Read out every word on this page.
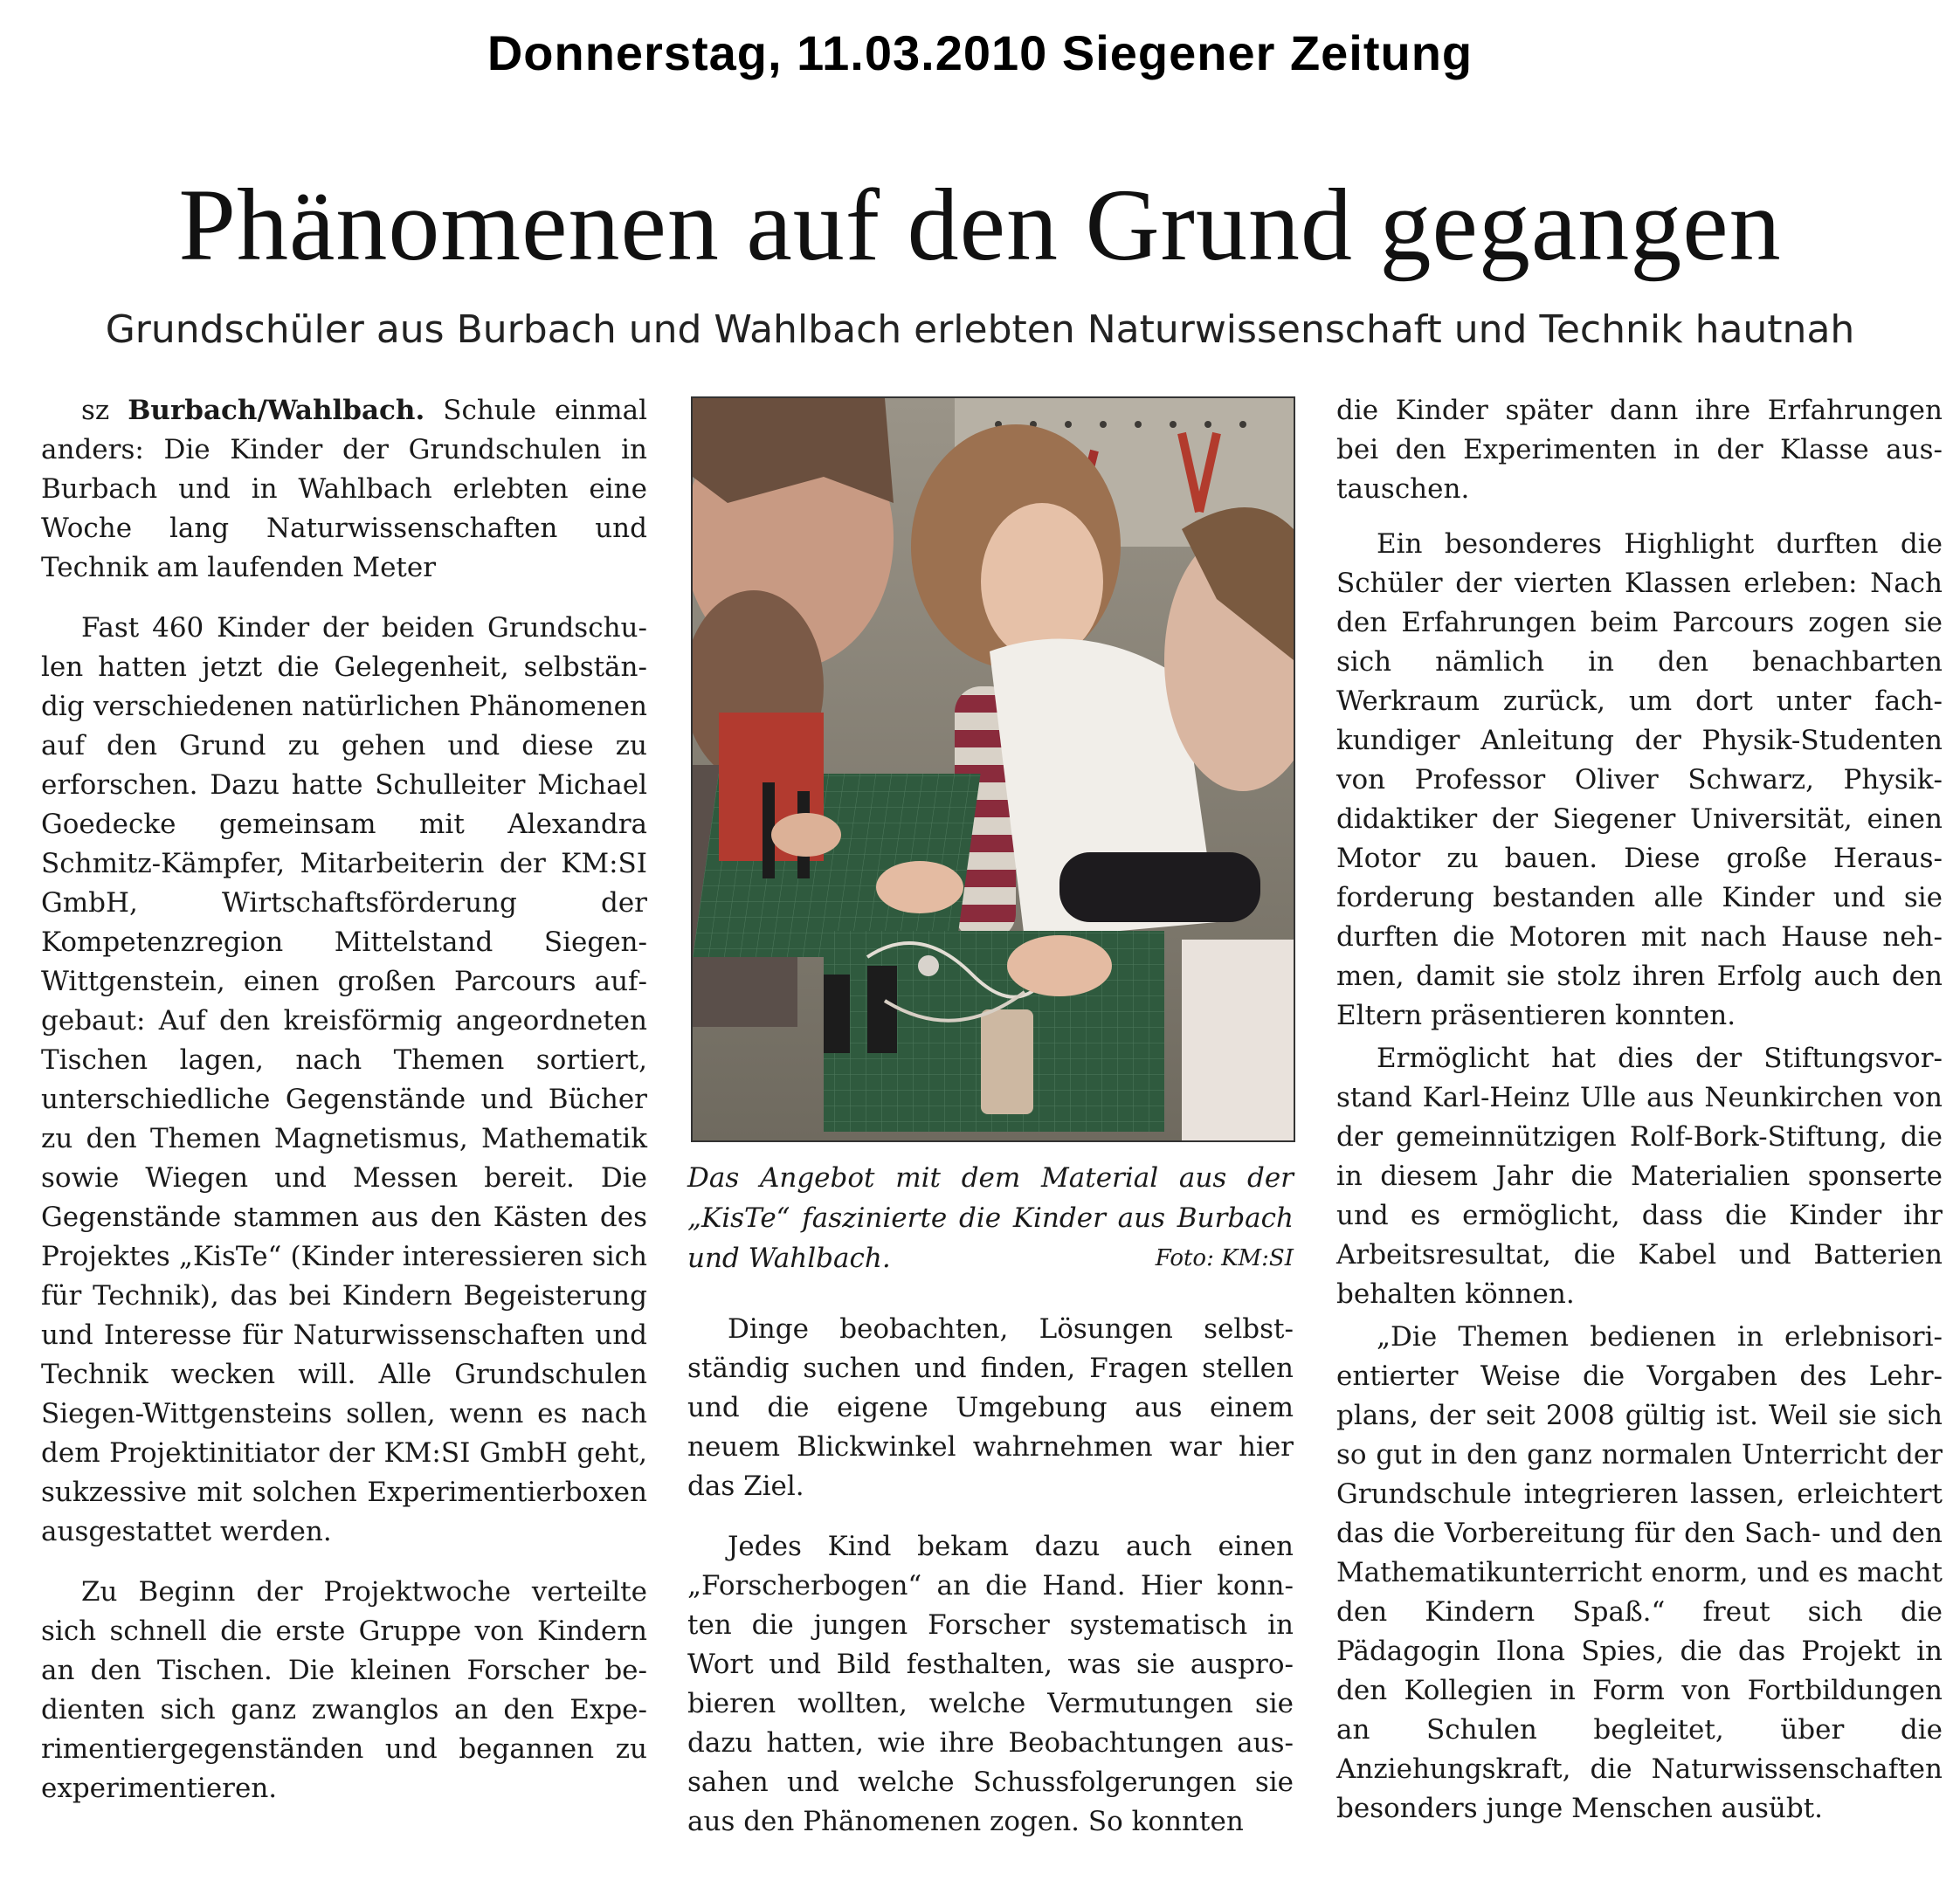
Donnerstag, 11.03.2010 Siegener Zeitung
Phänomenen auf den Grund gegangen
Grundschüler aus Burbach und Wahlbach erlebten Naturwissenschaft und Technik hautnah

sz Burbach/Wahlbach. Schule einmal anders: Die Kinder der Grundschulen in Burbach und in Wahlbach erlebten eine Woche lang Naturwissenschaften und Technik am laufenden Meter

Fast 460 Kinder der beiden Grundschulen hatten jetzt die Gelegenheit, selbständig verschiedenen natürlichen Phänomenen auf den Grund zu gehen und diese zu erforschen. Dazu hatte Schulleiter Michael Goedecke gemeinsam mit Alexandra Schmitz-Kämpfer, Mitarbeiterin der KM:SI GmbH, Wirtschaftsförderung der Kompetenzregion Mittelstand Siegen-Wittgenstein, einen großen Parcours aufgebaut: Auf den kreisförmig angeordneten Tischen lagen, nach Themen sortiert, unterschiedliche Gegenstände und Bücher zu den Themen Magnetismus, Mathematik sowie Wiegen und Messen bereit. Die Gegenstände stammen aus den Kästen des Projektes „KisTe“ (Kinder interessieren sich für Technik), das bei Kindern Begeisterung und Interesse für Naturwissenschaften und Technik wecken will. Alle Grundschulen Siegen-Wittgensteins sollen, wenn es nach dem Projektinitiator der KM:SI GmbH geht, sukzessive mit solchen Experimentierboxen ausgestattet werden.

Zu Beginn der Projektwoche verteilte sich schnell die erste Gruppe von Kindern an den Tischen. Die kleinen Forscher bedienten sich ganz zwanglos an den Experimentiergegenständen und begannen zu experimentieren.

Das Angebot mit dem Material aus der „KisTe“ faszinierte die Kinder aus Burbach und Wahlbach.	Foto: KM:SI

Dinge beobachten, Lösungen selbstständig suchen und finden, Fragen stellen und die eigene Umgebung aus einem neuem Blickwinkel wahrnehmen war hier das Ziel.

Jedes Kind bekam dazu auch einen „Forscherbogen“ an die Hand. Hier konnten die jungen Forscher systematisch in Wort und Bild festhalten, was sie ausprobieren wollten, welche Vermutungen sie dazu hatten, wie ihre Beobachtungen aussahen und welche Schussfolgerungen sie aus den Phänomenen zogen. So konnten

die Kinder später dann ihre Erfahrungen bei den Experimenten in der Klasse austauschen.

Ein besonderes Highlight durften die Schüler der vierten Klassen erleben: Nach den Erfahrungen beim Parcours zogen sie sich nämlich in den benachbarten Werkraum zurück, um dort unter fachkundiger Anleitung der Physik-Studenten von Professor Oliver Schwarz, Physikdidaktiker der Siegener Universität, einen Motor zu bauen. Diese große Herausforderung bestanden alle Kinder und sie durften die Motoren mit nach Hause nehmen, damit sie stolz ihren Erfolg auch den Eltern präsentieren konnten.

Ermöglicht hat dies der Stiftungsvorstand Karl-Heinz Ulle aus Neunkirchen von der gemeinnützigen Rolf-Bork-Stiftung, die in diesem Jahr die Materialien sponserte und es ermöglicht, dass die Kinder ihr Arbeitsresultat, die Kabel und Batterien behalten können.

„Die Themen bedienen in erlebnisorientierter Weise die Vorgaben des Lehrplans, der seit 2008 gültig ist. Weil sie sich so gut in den ganz normalen Unterricht der Grundschule integrieren lassen, erleichtert das die Vorbereitung für den Sach- und den Mathematikunterricht enorm, und es macht den Kindern Spaß.“ freut sich die Pädagogin Ilona Spies, die das Projekt in den Kollegien in Form von Fortbildungen an Schulen begleitet, über die Anziehungskraft, die Naturwissenschaften besonders junge Menschen ausübt.
